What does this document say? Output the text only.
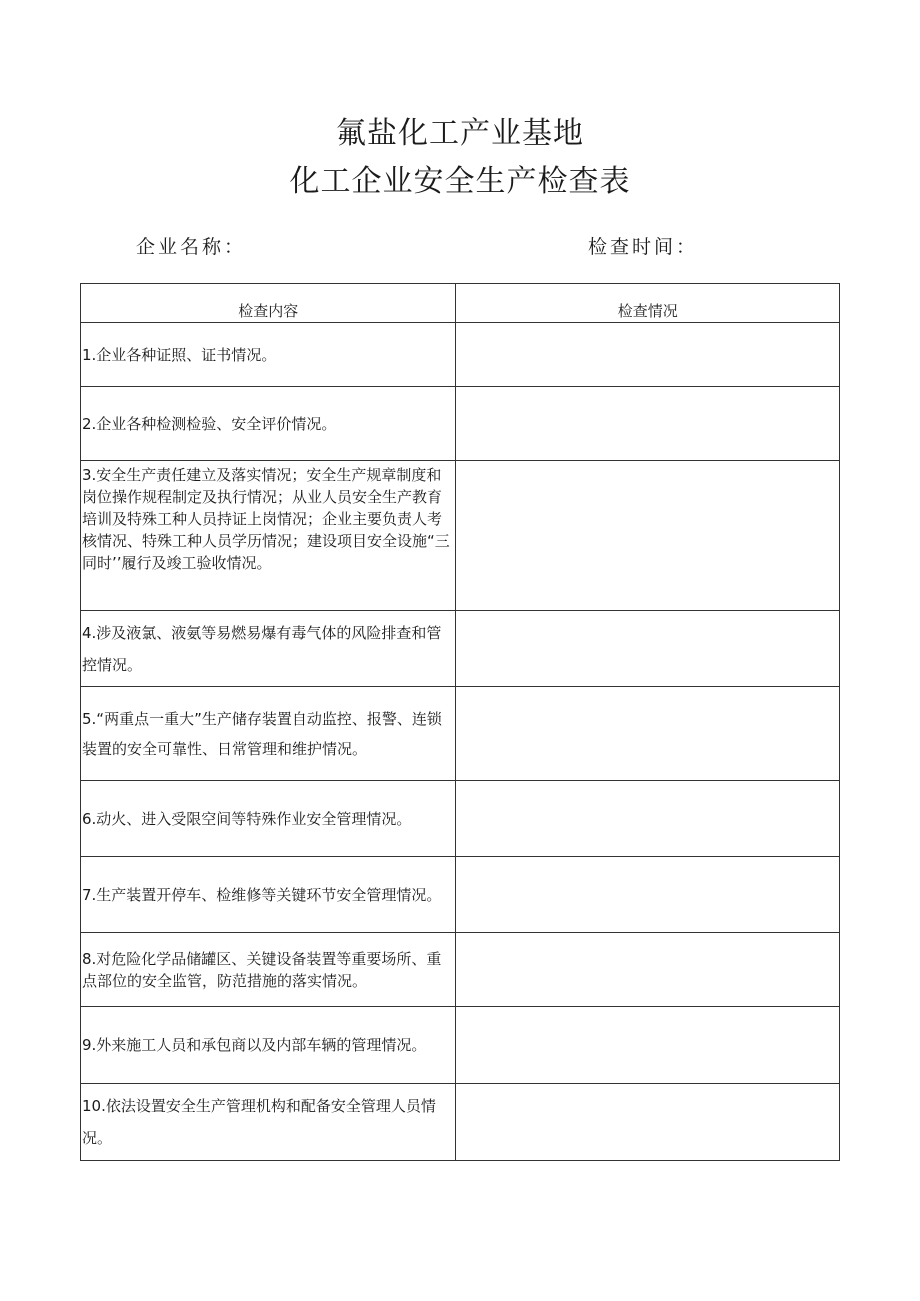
氟盐化工产业基地
化工企业安全生产检查表
企业名称：	检查时间：
检查内容	检查情况

1.企业各种证照、证书情况。	

2.企业各种检测检验、安全评价情况。	

3.安全生产责任建立及落实情况；安全生产规章制度和岗位操作规程制定及执行情况；从业人员安全生产教育培训及特殊工种人员持证上岗情况；企业主要负责人考核情况、特殊工种人员学历情况；建设项目安全设施“三同时’’履行及竣工验收情况。	

4.涉及液氯、液氨等易燃易爆有毒气体的风险排查和管控情况。	

5.“两重点一重大”生产储存装置自动监控、报警、连锁装置的安全可靠性、日常管理和维护情况。	

6.动火、进入受限空间等特殊作业安全管理情况。	

7.生产装置开停车、检维修等关键环节安全管理情况。	

8.对危险化学品储罐区、关键设备装置等重要场所、重点部位的安全监管，防范措施的落实情况。	

9.外来施工人员和承包商以及内部车辆的管理情况。	

10.依法设置安全生产管理机构和配备安全管理人员情况。	
